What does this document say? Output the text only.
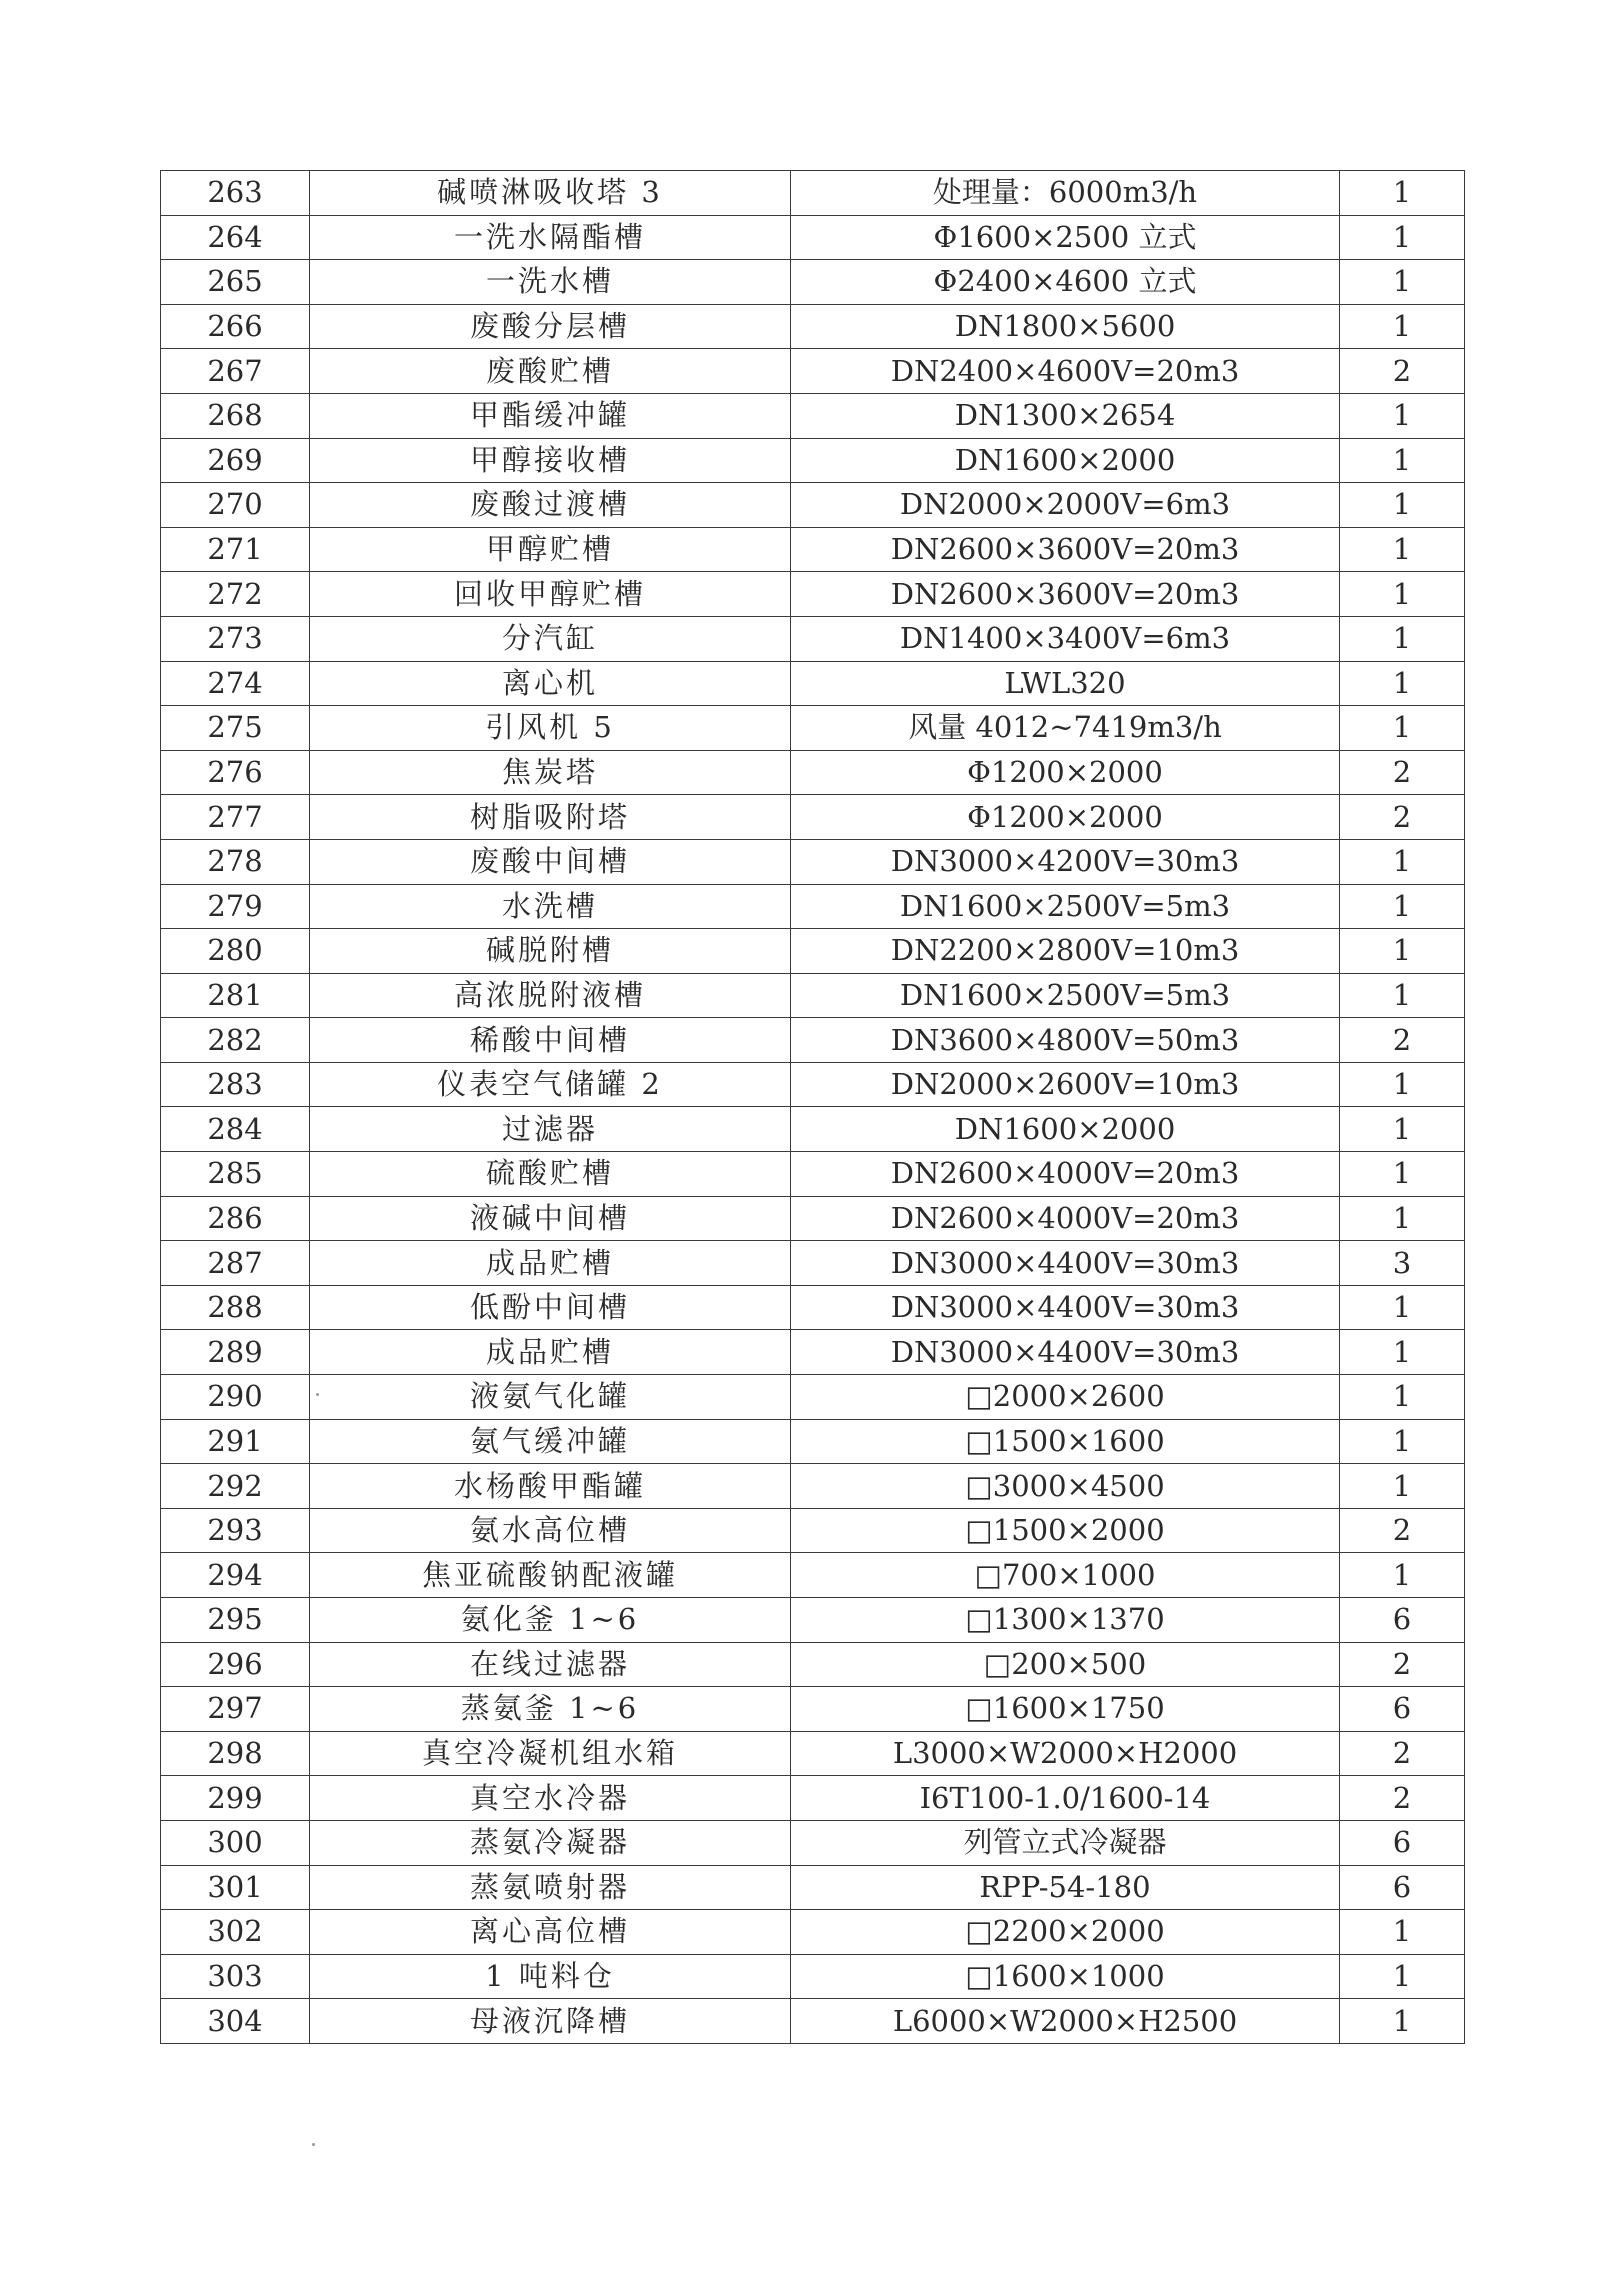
263	碱喷淋吸收塔 3	处理量：6000m3/h	1
264	一洗水隔酯槽	Φ1600×2500 立式	1
265	一洗水槽	Φ2400×4600 立式	1
266	废酸分层槽	DN1800×5600	1
267	废酸贮槽	DN2400×4600V=20m3	2
268	甲酯缓冲罐	DN1300×2654	1
269	甲醇接收槽	DN1600×2000	1
270	废酸过渡槽	DN2000×2000V=6m3	1
271	甲醇贮槽	DN2600×3600V=20m3	1
272	回收甲醇贮槽	DN2600×3600V=20m3	1
273	分汽缸	DN1400×3400V=6m3	1
274	离心机	LWL320	1
275	引风机 5	风量 4012~7419m3/h	1
276	焦炭塔	Φ1200×2000	2
277	树脂吸附塔	Φ1200×2000	2
278	废酸中间槽	DN3000×4200V=30m3	1
279	水洗槽	DN1600×2500V=5m3	1
280	碱脱附槽	DN2200×2800V=10m3	1
281	高浓脱附液槽	DN1600×2500V=5m3	1
282	稀酸中间槽	DN3600×4800V=50m3	2
283	仪表空气储罐 2	DN2000×2600V=10m3	1
284	过滤器	DN1600×2000	1
285	硫酸贮槽	DN2600×4000V=20m3	1
286	液碱中间槽	DN2600×4000V=20m3	1
287	成品贮槽	DN3000×4400V=30m3	3
288	低酚中间槽	DN3000×4400V=30m3	1
289	成品贮槽	DN3000×4400V=30m3	1
290	液氨气化罐	□2000×2600	1
291	氨气缓冲罐	□1500×1600	1
292	水杨酸甲酯罐	□3000×4500	1
293	氨水高位槽	□1500×2000	2
294	焦亚硫酸钠配液罐	□700×1000	1
295	氨化釜 1~6	□1300×1370	6
296	在线过滤器	□200×500	2
297	蒸氨釜 1~6	□1600×1750	6
298	真空冷凝机组水箱	L3000×W2000×H2000	2
299	真空水冷器	I6T100-1.0/1600-14	2
300	蒸氨冷凝器	列管立式冷凝器	6
301	蒸氨喷射器	RPP-54-180	6
302	离心高位槽	□2200×2000	1
303	1 吨料仓	□1600×1000	1
304	母液沉降槽	L6000×W2000×H2500	1
